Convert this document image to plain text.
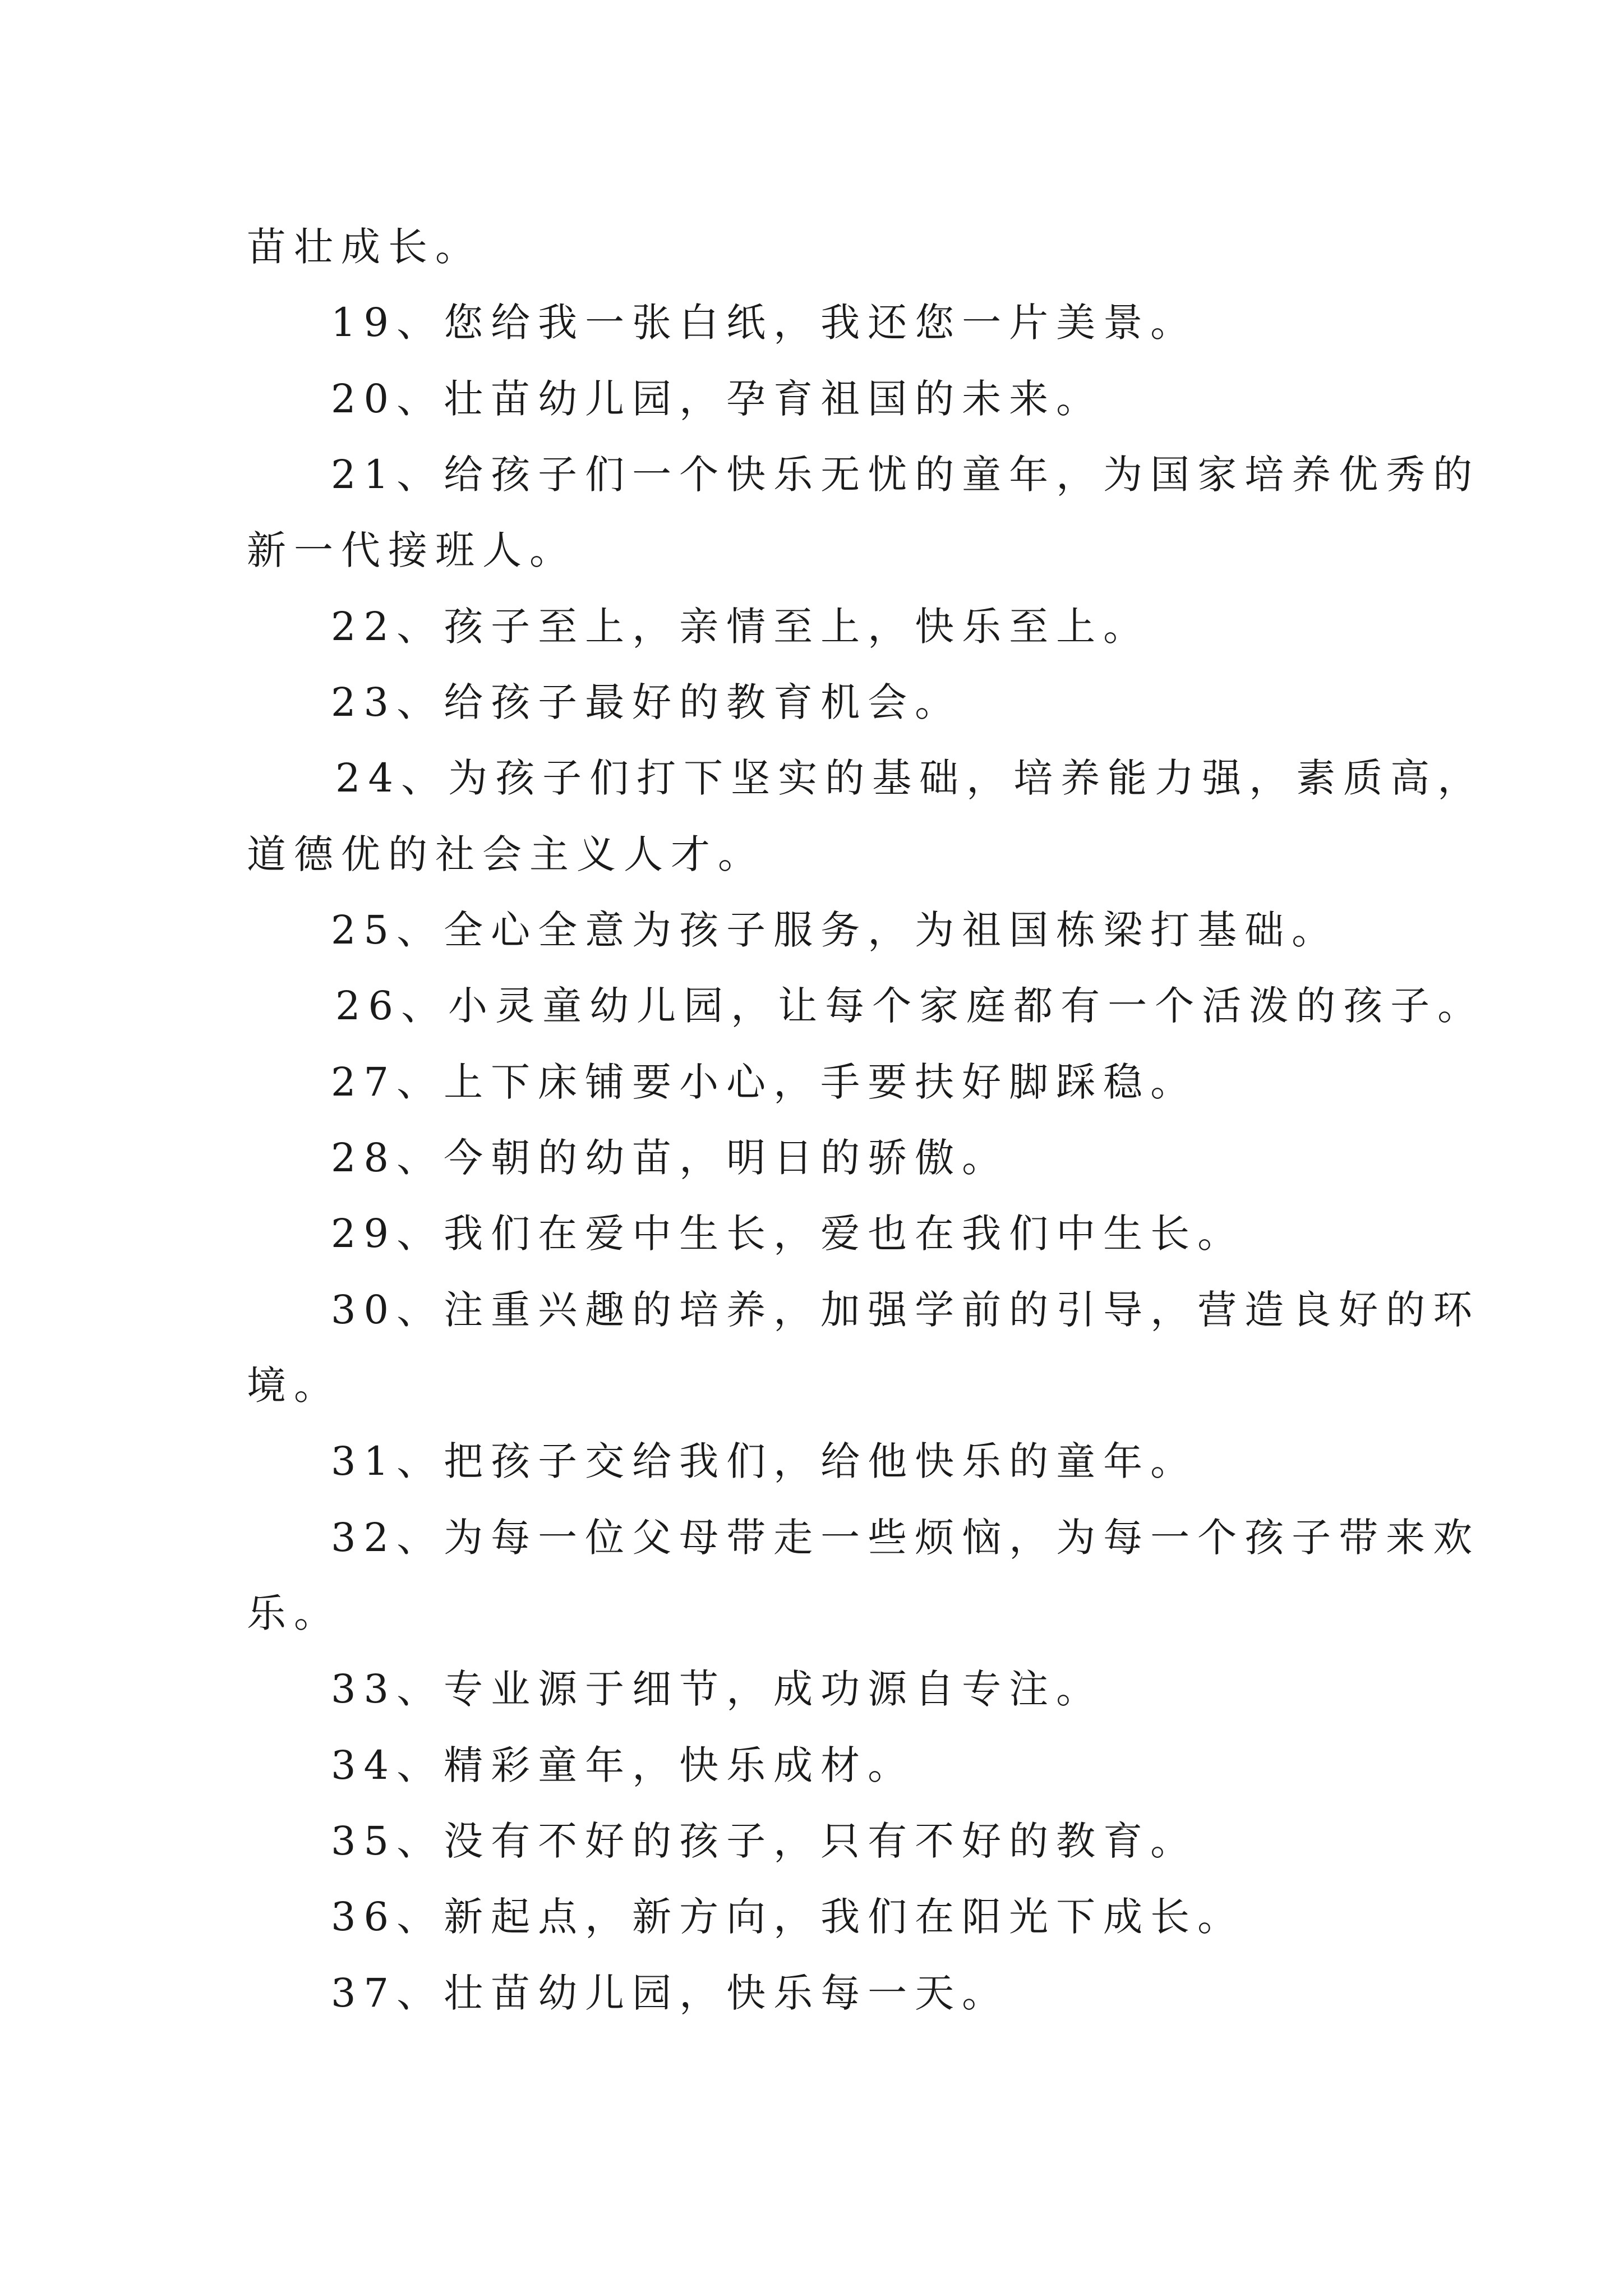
苗壮成长。
19、您给我一张白纸，我还您一片美景。
20、壮苗幼儿园，孕育祖国的未来。
21、给孩子们一个快乐无忧的童年，为国家培养优秀的
新一代接班人。
22、孩子至上，亲情至上，快乐至上。
23、给孩子最好的教育机会。
24、为孩子们打下坚实的基础，培养能力强，素质高，
道德优的社会主义人才。
25、全心全意为孩子服务，为祖国栋梁打基础。
26、小灵童幼儿园，让每个家庭都有一个活泼的孩子。
27、上下床铺要小心，手要扶好脚踩稳。
28、今朝的幼苗，明日的骄傲。
29、我们在爱中生长，爱也在我们中生长。
30、注重兴趣的培养，加强学前的引导，营造良好的环
境。
31、把孩子交给我们，给他快乐的童年。
32、为每一位父母带走一些烦恼，为每一个孩子带来欢
乐。
33、专业源于细节，成功源自专注。
34、精彩童年，快乐成材。
35、没有不好的孩子，只有不好的教育。
36、新起点，新方向，我们在阳光下成长。
37、壮苗幼儿园，快乐每一天。
